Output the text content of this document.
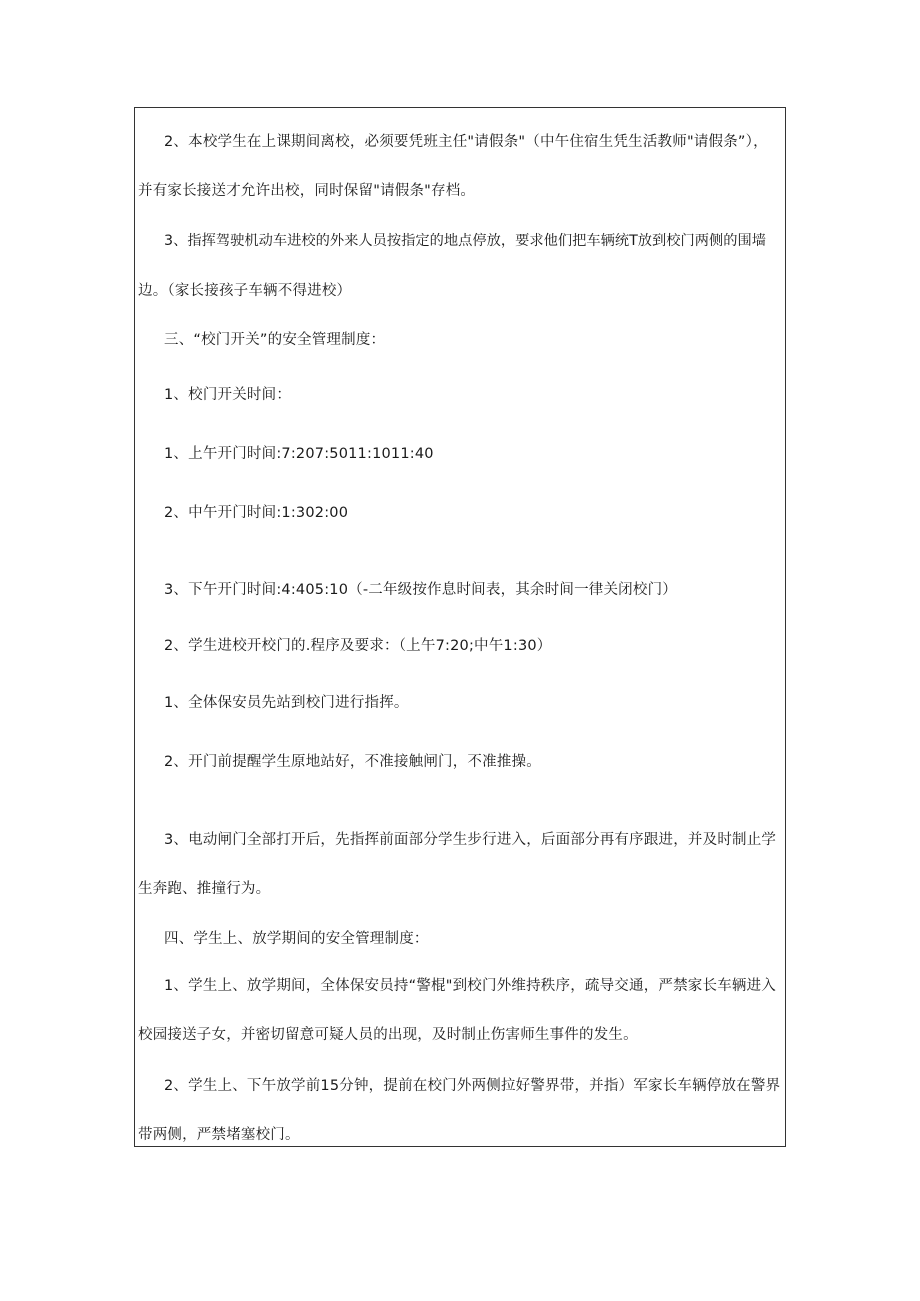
2、本校学生在上课期间离校，必须要凭班主任"请假条"（中午住宿生凭生活教师"请假条”），
并有家长接送才允许出校，同时保留"请假条"存档。
3、指挥驾驶机动车进校的外来人员按指定的地点停放，要求他们把车辆统T放到校门两侧的围墙
边。（家长接孩子车辆不得进校）
三、“校门开关”的安全管理制度：
1、校门开关时间：
1、上午开门时间:7:207:5011:1011:40
2、中午开门时间:1:302:00
3、下午开门时间:4:405:10（-二年级按作息时间表，其余时间一律关闭校门）
2、学生进校开校门的.程序及要求：（上午7:20;中午1:30）
1、全体保安员先站到校门进行指挥。
2、开门前提醒学生原地站好，不准接触闸门，不准推操。
3、电动闸门全部打开后，先指挥前面部分学生步行进入，后面部分再有序跟进，并及时制止学
生奔跑、推撞行为。
四、学生上、放学期间的安全管理制度：
1、学生上、放学期间，全体保安员持“警棍"到校门外维持秩序，疏导交通，严禁家长车辆进入
校园接送子女，并密切留意可疑人员的出现，及时制止伤害师生事件的发生。
2、学生上、下午放学前15分钟，提前在校门外两侧拉好警界带，并指）军家长车辆停放在警界
带两侧，严禁堵塞校门。
